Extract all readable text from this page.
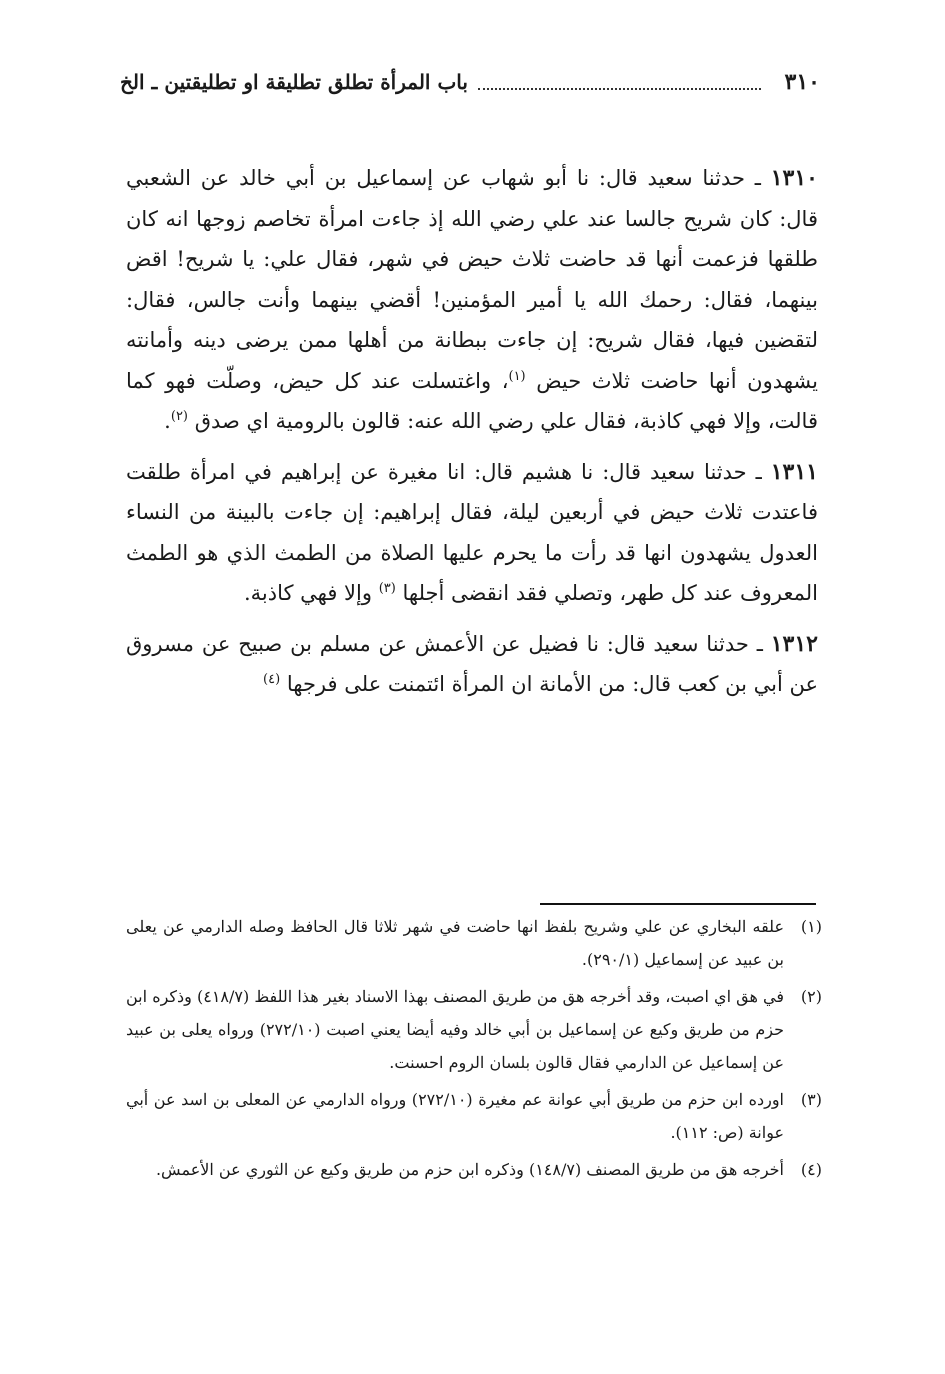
٣١٠
باب المرأة تطلق تطليقة او تطليقتين ـ الخ

١٣١٠ ـ حدثنا سعيد قال: نا أبو شهاب عن إسماعيل بن أبي خالد عن الشعبي قال: كان شريح جالسا عند علي رضي الله إذ جاءت امرأة تخاصم زوجها انه كان طلقها فزعمت أنها قد حاضت ثلاث حيض في شهر، فقال علي: يا شريح! اقض بينهما، فقال: رحمك الله يا أمير المؤمنين! أقضي بينهما وأنت جالس، فقال: لتقضين فيها، فقال شريح: إن جاءت ببطانة من أهلها ممن يرضى دينه وأمانته يشهدون أنها حاضت ثلاث حيض $^{(١)}$، واغتسلت عند كل حيض، وصلّت فهو كما قالت، وإلا فهي كاذبة، فقال علي رضي الله عنه: قالون بالرومية اي صدق $^{(٢)}$.

١٣١١ ـ حدثنا سعيد قال: نا هشيم قال: انا مغيرة عن إبراهيم في امرأة طلقت فاعتدت ثلاث حيض في أربعين ليلة، فقال إبراهيم: إن جاءت بالبينة من النساء العدول يشهدون انها قد رأت ما يحرم عليها الصلاة من الطمث الذي هو الطمث المعروف عند كل طهر، وتصلي فقد انقضى أجلها $^{(٣)}$ وإلا فهي كاذبة.

١٣١٢ ـ حدثنا سعيد قال: نا فضيل عن الأعمش عن مسلم بن صبيح عن مسروق عن أبي بن كعب قال: من الأمانة ان المرأة ائتمنت على فرجها $^{(٤)}$

(١)
علقه البخاري عن علي وشريح بلفظ انها حاضت في شهر ثلاثا قال الحافظ وصله الدارمي عن يعلى بن عبيد عن إسماعيل (٢٩٠/١).
(٢)
في هق اي اصبت، وقد أخرجه هق من طريق المصنف بهذا الاسناد بغير هذا اللفظ (٤١٨/٧) وذكره ابن حزم من طريق وكيع عن إسماعيل بن أبي خالد وفيه أيضا يعني اصبت (٢٧٢/١٠) ورواه يعلى بن عبيد عن إسماعيل عن الدارمي فقال قالون بلسان الروم احسنت.
(٣)
اورده ابن حزم من طريق أبي عوانة عم مغيرة (٢٧٢/١٠) ورواه الدارمي عن المعلى بن اسد عن أبي عوانة (ص: ١١٢).
(٤)
أخرجه هق من طريق المصنف (١٤٨/٧) وذكره ابن حزم من طريق وكيع عن الثوري عن الأعمش.
